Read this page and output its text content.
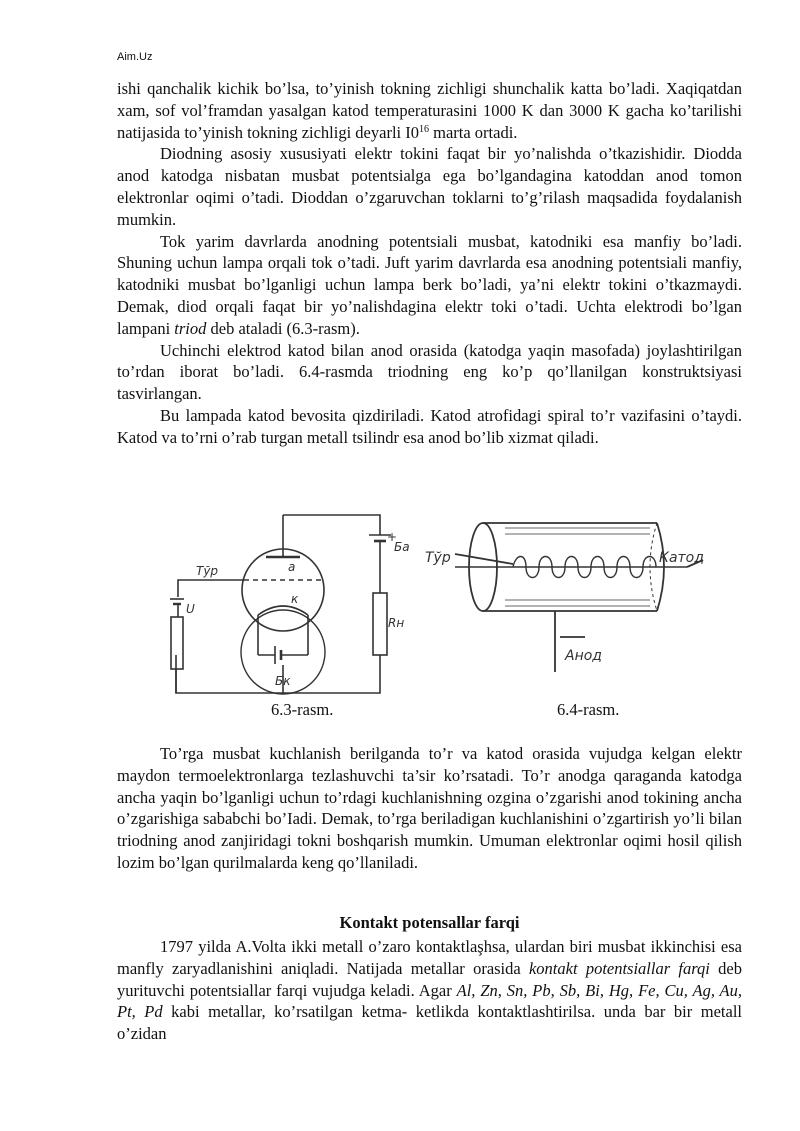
Aim.Uz

ishi qanchalik kichik bo’lsa, to’yinish tokning zichligi shunchalik katta bo’ladi. Xaqiqatdan xam, sof vol’framdan yasalgan katod temperaturasini 1000 K dan 3000 K gacha ko’tarilishi natijasida to’yinish tokning zichligi deyarli $I0^{16}$ marta ortadi.

Diodning asosiy xususiyati elektr tokini faqat bir yo’nalishda o’tkazishidir. Diodda anod katodga nisbatan musbat potentsialga ega bo’lgandagina katoddan anod tomon elektronlar oqimi o’tadi. Dioddan o’zgaruvchan toklarni to’g’rilash maqsadida foydalanish mumkin.

Tok yarim davrlarda anodning potentsiali musbat, katodniki esa manfiy bo’ladi. Shuning uchun lampa orqali tok o’tadi. Juft yarim davrlarda esa anodning potentsiali manfiy, katodniki musbat bo’lganligi uchun lampa berk bo’ladi, ya’ni elektr tokini o’tkazmaydi. Demak, diod orqali faqat bir yo’nalishdagina elektr toki o’tadi. Uchta elektrodi bo’lgan lampani triod deb ataladi (6.3-rasm).

Uchinchi elektrod katod bilan anod orasida (katodga yaqin masofada) joylashtirilgan to’rdan iborat bo’ladi. 6.4-rasmda triodning eng ko’p qo’llanilgan konstruktsiyasi tasvirlangan.

Bu lampada katod bevosita qizdiriladi. Katod atrofidagi spiral to’r vazifasini o’taydi. Katod va to’rni o’rab turgan metall tsilindr esa anod bo’lib xizmat qiladi.

Tўр
U
a
к
Бa
+
Rн
Бк
Tўр	Катод
Анод
6.3-rasm.	6.4-rasm.

To’rga musbat kuchlanish berilganda to’r va katod orasida vujudga kelgan elektr maydon termoelektronlarga tezlashuvchi ta’sir ko’rsatadi. To’r anodga qaraganda katodga ancha yaqin bo’lganligi uchun to’rdagi kuchlanishning ozgina o’zgarishi anod tokining ancha o’zgarishiga sababchi bo’Iadi. Demak, to’rga beriladigan kuchlanishini o’zgartirish yo’li bilan triodning anod zanjiridagi tokni boshqarish mumkin. Umuman elektronlar oqimi hosil qilish lozim bo’lgan qurilmalarda keng qo’llaniladi.

Kontakt potensallar farqi

1797 yilda A.Volta ikki metall o’zaro kontaktlaşhsa, ulardan biri musbat ikkinchisi esa manfly zaryadlanishini aniqladi. Natijada metallar orasida kontakt potentsiallar farqi deb yurituvchi potentsiallar farqi vujudga keladi. Agar Al, Zn, Sn, Pb, Sb, Bi, Hg, Fe, Cu, Ag, Au, Pt, Pd kabi metallar, ko’rsatilgan ketma- ketlikda kontaktlashtirilsa. unda bar bir metall o’zidan
